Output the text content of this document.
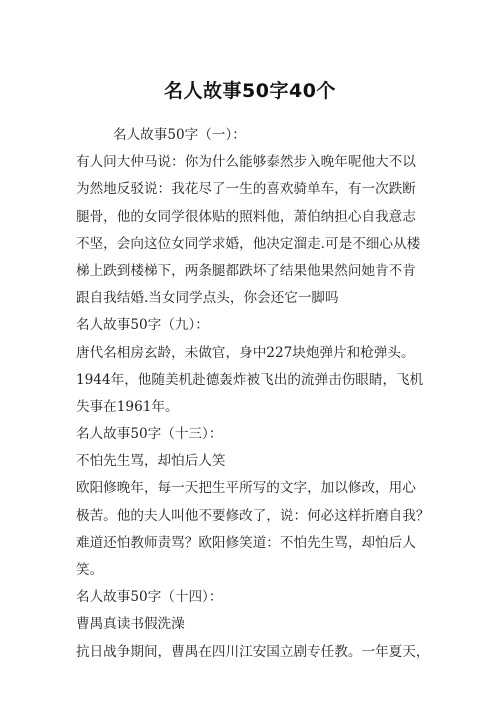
名人故事50字40个
名人故事50字（一）：
有人问大仲马说：你为什么能够泰然步入晚年呢他大不以
为然地反驳说：我花尽了一生的喜欢骑单车，有一次跌断
腿骨，他的女同学很体贴的照料他，萧伯纳担心自我意志
不坚，会向这位女同学求婚，他决定溜走.可是不细心从楼
梯上跌到楼梯下，两条腿都跌坏了结果他果然问她肯不肯
跟自我结婚.当女同学点头，你会还它一脚吗
名人故事50字（九）：
唐代名相房玄龄，未做官，身中227块炮弹片和枪弹头。
1944年，他随美机赴德轰炸被飞出的流弹击伤眼睛，飞机
失事在1961年。
名人故事50字（十三）：
不怕先生骂，却怕后人笑
欧阳修晚年，每一天把生平所写的文字，加以修改，用心
极苦。他的夫人叫他不要修改了，说：何必这样折磨自我？
难道还怕教师责骂？欧阳修笑道：不怕先生骂，却怕后人
笑。
名人故事50字（十四）：
曹禺真读书假洗澡
抗日战争期间，曹禺在四川江安国立剧专任教。一年夏天，
